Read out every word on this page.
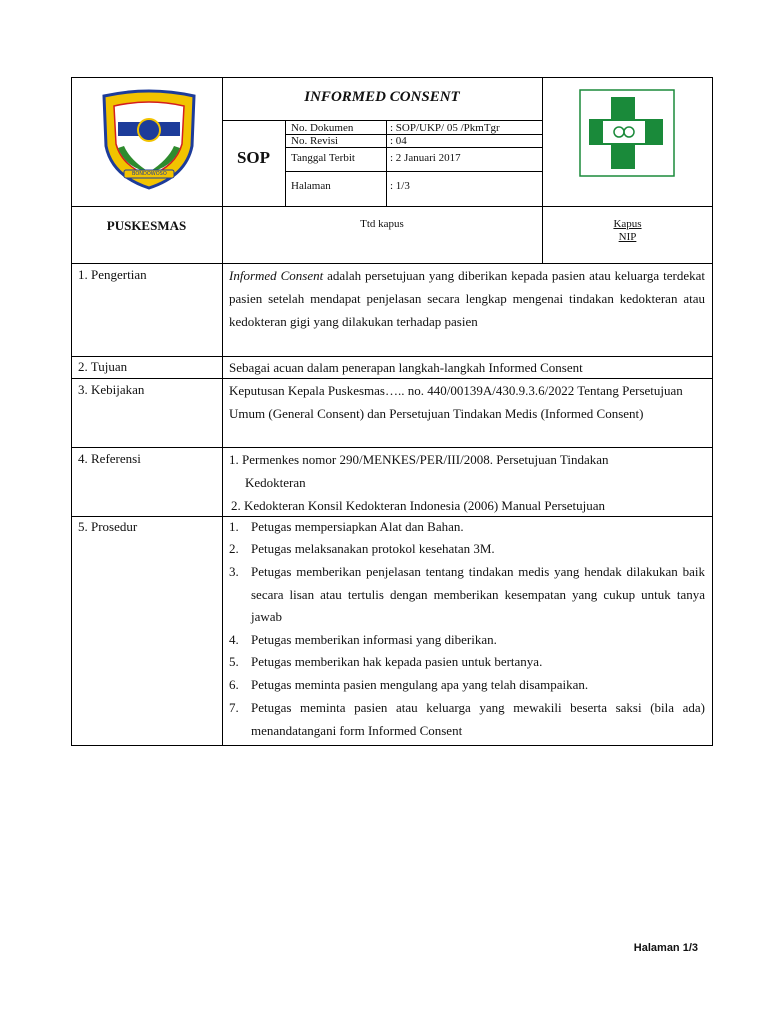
BONDOWOSO
INFORMED CONSENT
SOP
No. Dokumen	: SOP/UKP/ 05 /PkmTgr
No. Revisi	: 04
Tanggal Terbit	: 2 Januari 2017
Halaman	: 1/3
PUSKESMAS	Ttd kapus	Kapus
NIP
1. Pengertian	Informed Consent adalah persetujuan yang diberikan kepada pasien atau keluarga terdekat pasien setelah mendapat penjelasan secara lengkap mengenai tindakan kedokteran atau kedokteran gigi yang dilakukan terhadap pasien
2. Tujuan	Sebagai acuan dalam penerapan langkah-langkah Informed Consent
3. Kebijakan	Keputusan Kepala Puskesmas….. no. 440/00139A/430.9.3.6/2022 Tentang Persetujuan Umum (General Consent) dan Persetujuan Tindakan Medis (Informed Consent)
4. Referensi	1. Permenkes nomor 290/MENKES/PER/III/2008. Persetujuan Tindakan
Kedokteran
2. Kedokteran Konsil Kedokteran Indonesia (2006) Manual Persetujuan
5. Prosedur	1. Petugas mempersiapkan Alat dan Bahan.
2. Petugas melaksanakan protokol kesehatan 3M.
3. Petugas memberikan penjelasan tentang tindakan medis yang hendak dilakukan baik secara lisan atau tertulis dengan memberikan kesempatan yang cukup untuk tanya jawab
4. Petugas memberikan informasi yang diberikan.
5. Petugas memberikan hak kepada pasien untuk bertanya.
6. Petugas meminta pasien mengulang apa yang telah disampaikan.
7. Petugas meminta pasien atau keluarga yang mewakili beserta saksi (bila ada) menandatangani form Informed Consent
Halaman 1/3
